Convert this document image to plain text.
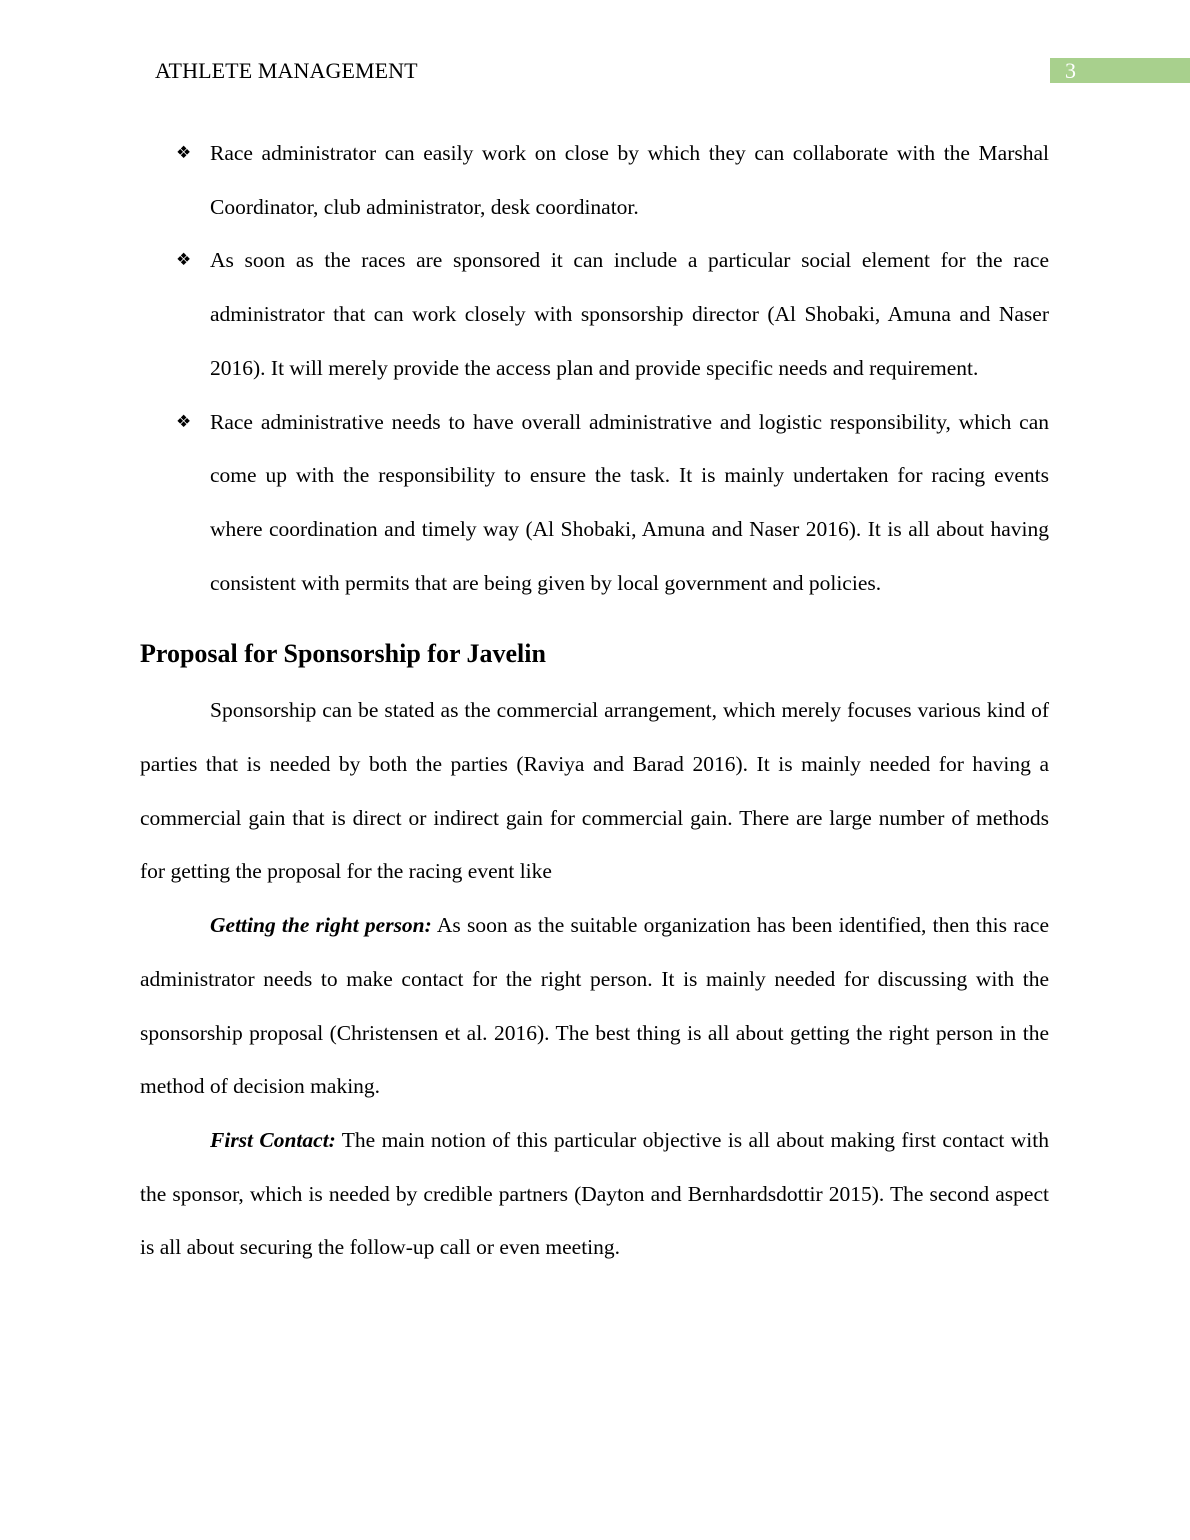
ATHLETE MANAGEMENT	3
❖ Race administrator can easily work on close by which they can collaborate with the Marshal Coordinator, club administrator, desk coordinator.
❖ As soon as the races are sponsored it can include a particular social element for the race administrator that can work closely with sponsorship director (Al Shobaki, Amuna and Naser 2016). It will merely provide the access plan and provide specific needs and requirement.
❖ Race administrative needs to have overall administrative and logistic responsibility, which can come up with the responsibility to ensure the task. It is mainly undertaken for racing events where coordination and timely way (Al Shobaki, Amuna and Naser 2016). It is all about having consistent with permits that are being given by local government and policies.
Proposal for Sponsorship for Javelin

Sponsorship can be stated as the commercial arrangement, which merely focuses various kind of parties that is needed by both the parties (Raviya and Barad 2016). It is mainly needed for having a commercial gain that is direct or indirect gain for commercial gain. There are large number of methods for getting the proposal for the racing event like

Getting the right person: As soon as the suitable organization has been identified, then this race administrator needs to make contact for the right person. It is mainly needed for discussing with the sponsorship proposal (Christensen et al. 2016). The best thing is all about getting the right person in the method of decision making.

First Contact: The main notion of this particular objective is all about making first contact with the sponsor, which is needed by credible partners (Dayton and Bernhardsdottir 2015). The second aspect is all about securing the follow-up call or even meeting.
